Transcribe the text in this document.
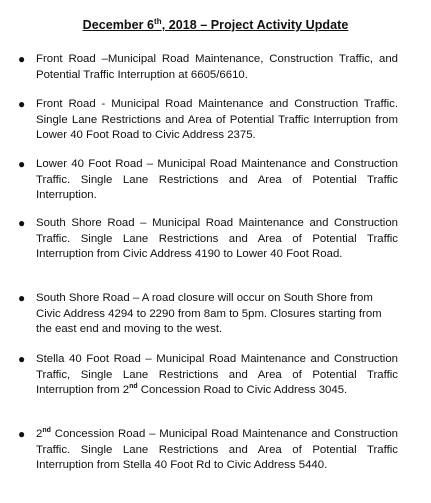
December 6th, 2018 – Project Activity Update
● Front Road –Municipal Road Maintenance, Construction Traffic, and Potential Traffic Interruption at 6605/6610.
● Front Road - Municipal Road Maintenance and Construction Traffic. Single Lane Restrictions and Area of Potential Traffic Interruption from Lower 40 Foot Road to Civic Address 2375.
● Lower 40 Foot Road – Municipal Road Maintenance and Construction Traffic. Single Lane Restrictions and Area of Potential Traffic Interruption.
● South Shore Road – Municipal Road Maintenance and Construction Traffic. Single Lane Restrictions and Area of Potential Traffic Interruption from Civic Address 4190 to Lower 40 Foot Road.
● South Shore Road – A road closure will occur on South Shore from Civic Address 4294 to 2290 from 8am to 5pm. Closures starting from the east end and moving to the west.
● Stella 40 Foot Road – Municipal Road Maintenance and Construction Traffic, Single Lane Restrictions and Area of Potential Traffic Interruption from 2nd Concession Road to Civic Address 3045.
● 2nd Concession Road – Municipal Road Maintenance and Construction Traffic. Single Lane Restrictions and Area of Potential Traffic Interruption from Stella 40 Foot Rd to Civic Address 5440.
